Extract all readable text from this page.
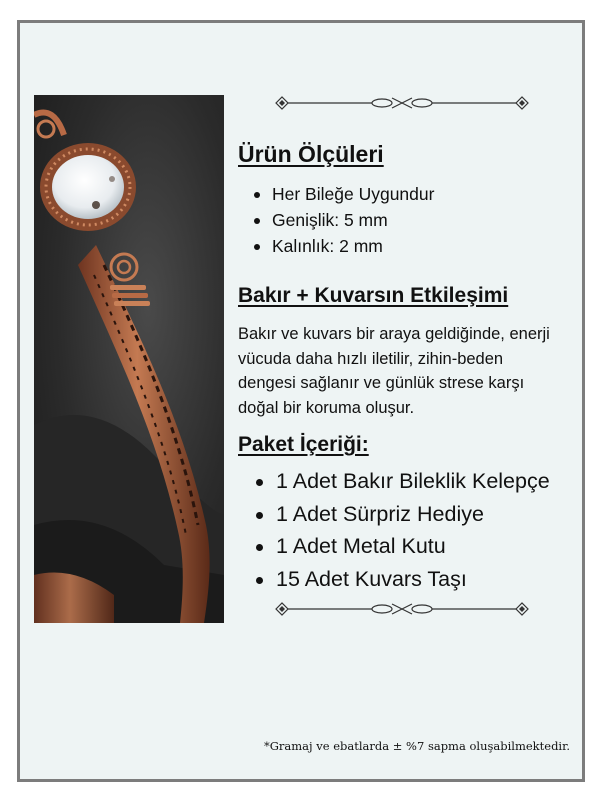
Ürün Ölçüleri
Her Bileğe Uygundur
Genişlik: 5 mm
Kalınlık: 2 mm
Bakır + Kuvarsın Etkileşimi

Bakır ve kuvars bir araya geldiğinde, enerji vücuda daha hızlı iletilir, zihin-beden dengesi sağlanır ve günlük strese karşı doğal bir koruma oluşur.

Paket İçeriği:
1 Adet Bakır Bileklik Kelepçe
1 Adet Sürpriz Hediye
1 Adet Metal Kutu
15 Adet Kuvars Taşı

*Gramaj ve ebatlarda ± %7 sapma oluşabilmektedir.
